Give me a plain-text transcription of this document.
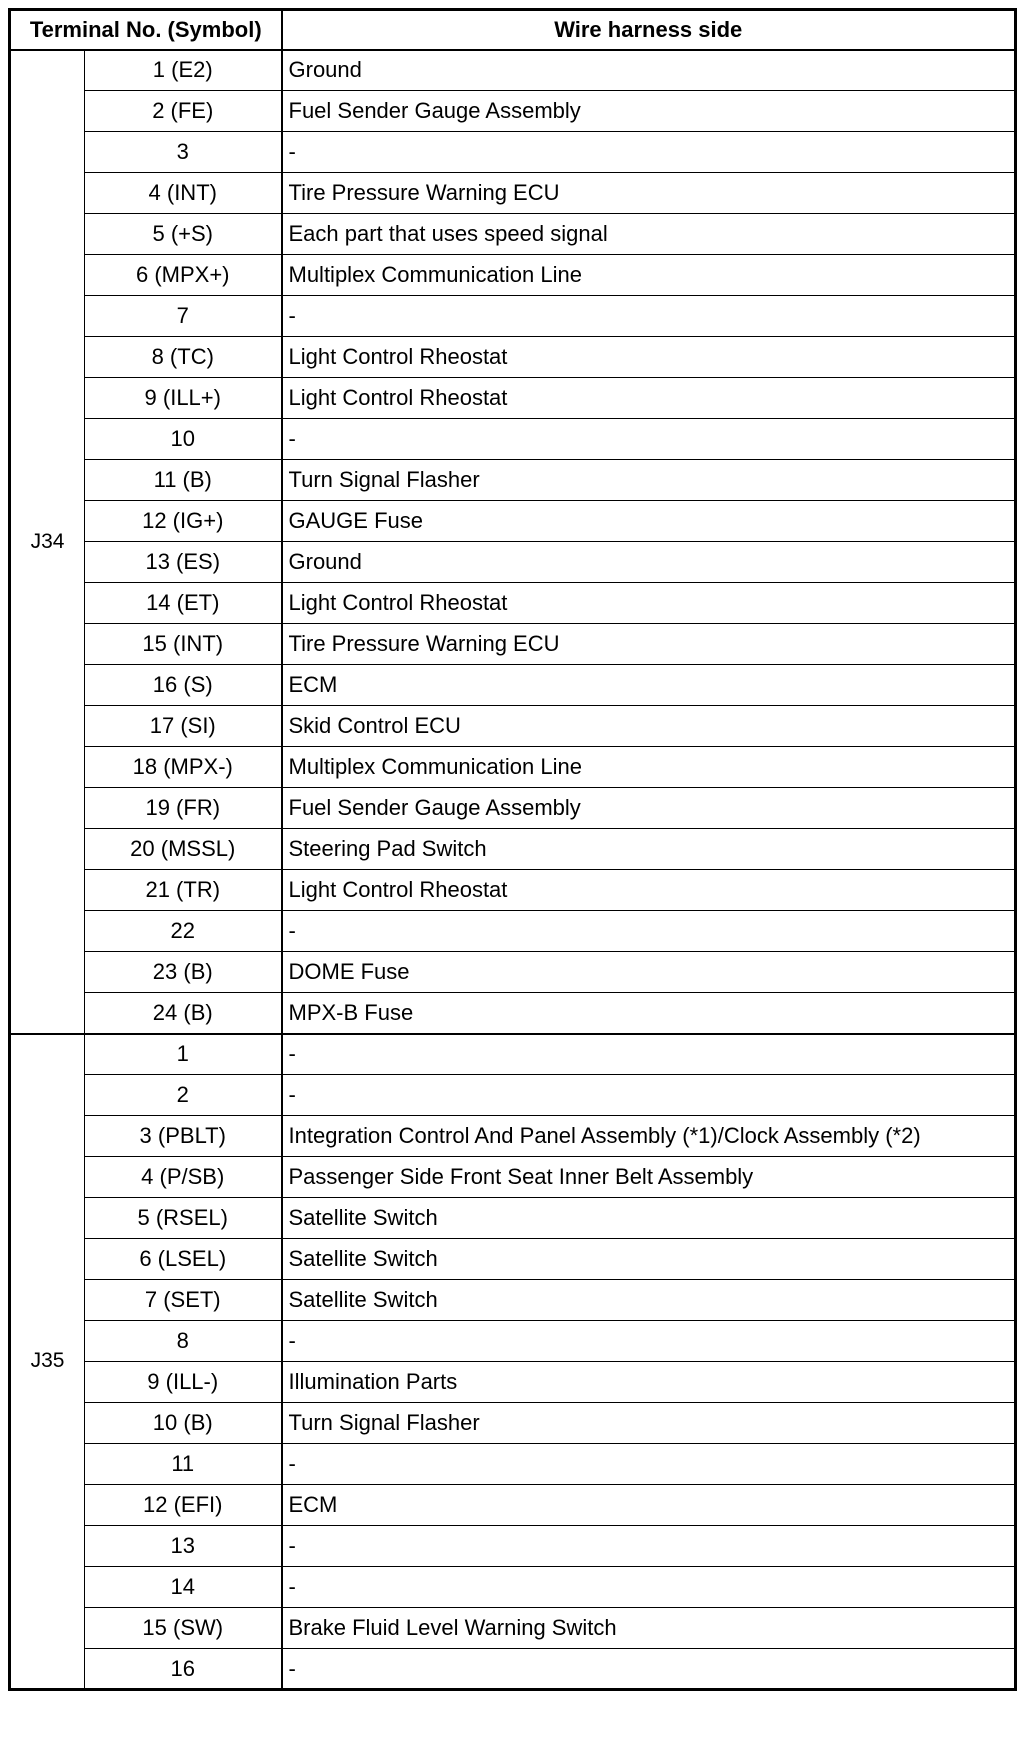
Terminal No. (Symbol)		Wire harness side
J34	1 (E2)	Ground
	2 (FE)	Fuel Sender Gauge Assembly
	3	-
	4 (INT)	Tire Pressure Warning ECU
	5 (+S)	Each part that uses speed signal
	6 (MPX+)	Multiplex Communication Line
	7	-
	8 (TC)	Light Control Rheostat
	9 (ILL+)	Light Control Rheostat
	10	-
	11 (B)	Turn Signal Flasher
	12 (IG+)	GAUGE Fuse
	13 (ES)	Ground
	14 (ET)	Light Control Rheostat
	15 (INT)	Tire Pressure Warning ECU
	16 (S)	ECM
	17 (SI)	Skid Control ECU
	18 (MPX-)	Multiplex Communication Line
	19 (FR)	Fuel Sender Gauge Assembly
	20 (MSSL)	Steering Pad Switch
	21 (TR)	Light Control Rheostat
	22	-
	23 (B)	DOME Fuse
	24 (B)	MPX-B Fuse
J35	1	-
	2	-
	3 (PBLT)	Integration Control And Panel Assembly (*1)/Clock Assembly (*2)
	4 (P/SB)	Passenger Side Front Seat Inner Belt Assembly
	5 (RSEL)	Satellite Switch
	6 (LSEL)	Satellite Switch
	7 (SET)	Satellite Switch
	8	-
	9 (ILL-)	Illumination Parts
	10 (B)	Turn Signal Flasher
	11	-
	12 (EFI)	ECM
	13	-
	14	-
	15 (SW)	Brake Fluid Level Warning Switch
	16	-
